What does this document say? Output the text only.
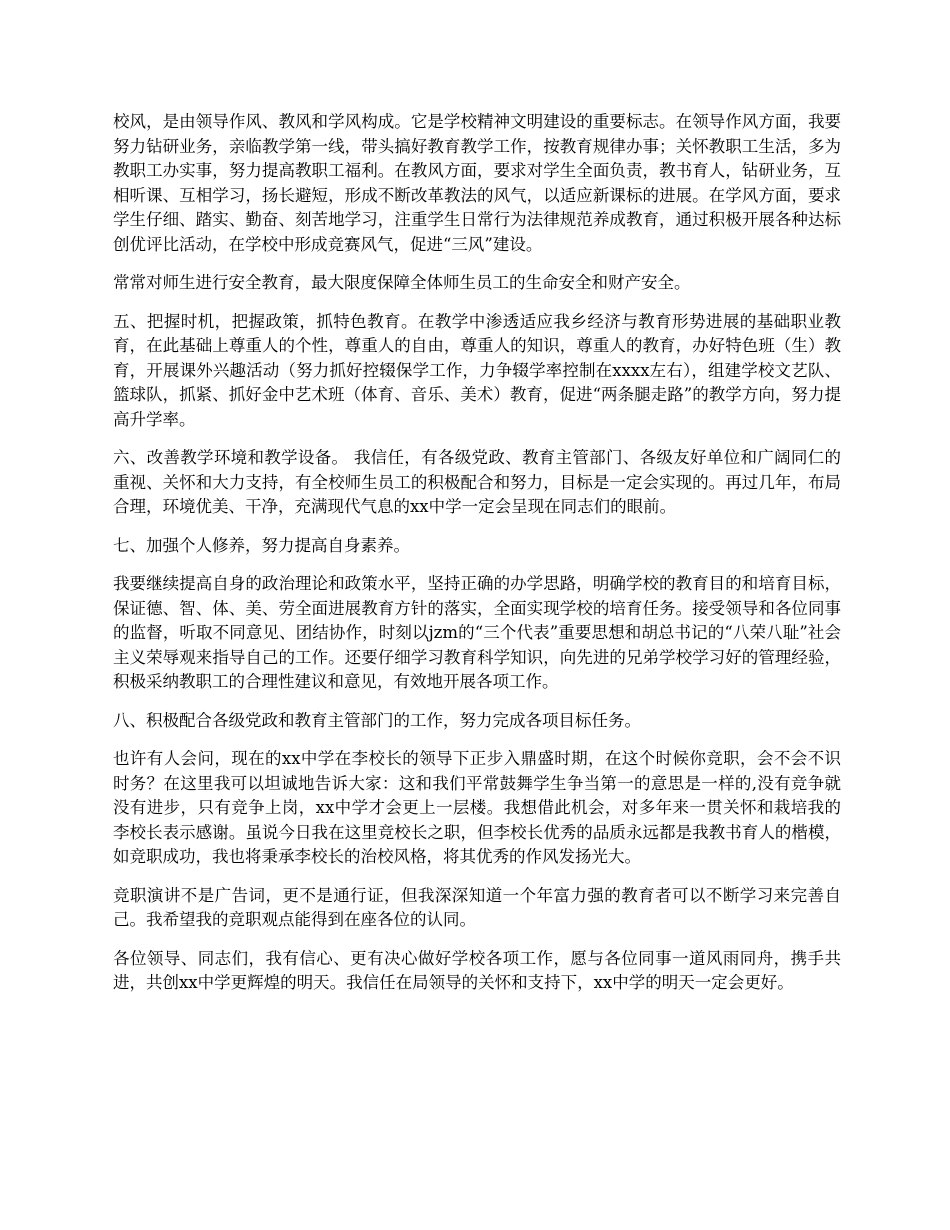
校风，是由领导作风、教风和学风构成。它是学校精神文明建设的重要标志。在领导作风方面，我要努力钻研业务，亲临教学第一线，带头搞好教育教学工作，按教育规律办事；关怀教职工生活，多为教职工办实事，努力提高教职工福利。在教风方面，要求对学生全面负责，教书育人，钻研业务，互相听课、互相学习，扬长避短，形成不断改革教法的风气，以适应新课标的进展。在学风方面，要求学生仔细、踏实、勤奋、刻苦地学习，注重学生日常行为法律规范养成教育，通过积极开展各种达标创优评比活动，在学校中形成竞赛风气，促进“三风”建设。

常常对师生进行安全教育，最大限度保障全体师生员工的生命安全和财产安全。

五、把握时机，把握政策，抓特色教育。在教学中渗透适应我乡经济与教育形势进展的基础职业教育，在此基础上尊重人的个性，尊重人的自由，尊重人的知识，尊重人的教育，办好特色班（生）教育，开展课外兴趣活动（努力抓好控辍保学工作，力争辍学率控制在xxxx左右），组建学校文艺队、篮球队，抓紧、抓好金中艺术班（体育、音乐、美术）教育，促进“两条腿走路”的教学方向，努力提高升学率。

六、改善教学环境和教学设备。 我信任，有各级党政、教育主管部门、各级友好单位和广阔同仁的重视、关怀和大力支持，有全校师生员工的积极配合和努力，目标是一定会实现的。再过几年，布局合理，环境优美、干净，充满现代气息的xx中学一定会呈现在同志们的眼前。

七、加强个人修养，努力提高自身素养。

我要继续提高自身的政治理论和政策水平，坚持正确的办学思路，明确学校的教育目的和培育目标，保证德、智、体、美、劳全面进展教育方针的落实，全面实现学校的培育任务。接受领导和各位同事的监督，听取不同意见、团结协作，时刻以jzm的“三个代表”重要思想和胡总书记的“八荣八耻”社会主义荣辱观来指导自己的工作。还要仔细学习教育科学知识，向先进的兄弟学校学习好的管理经验，积极采纳教职工的合理性建议和意见，有效地开展各项工作。

八、积极配合各级党政和教育主管部门的工作，努力完成各项目标任务。

也许有人会问，现在的xx中学在李校长的领导下正步入鼎盛时期，在这个时候你竞职，会不会不识时务？在这里我可以坦诚地告诉大家：这和我们平常鼓舞学生争当第一的意思是一样的,没有竞争就没有进步，只有竞争上岗，xx中学才会更上一层楼。我想借此机会，对多年来一贯关怀和栽培我的李校长表示感谢。虽说今日我在这里竞校长之职，但李校长优秀的品质永远都是我教书育人的楷模，如竞职成功，我也将秉承李校长的治校风格，将其优秀的作风发扬光大。

竞职演讲不是广告词，更不是通行证，但我深深知道一个年富力强的教育者可以不断学习来完善自己。我希望我的竞职观点能得到在座各位的认同。

各位领导、同志们，我有信心、更有决心做好学校各项工作，愿与各位同事一道风雨同舟，携手共进，共创xx中学更辉煌的明天。我信任在局领导的关怀和支持下，xx中学的明天一定会更好。
